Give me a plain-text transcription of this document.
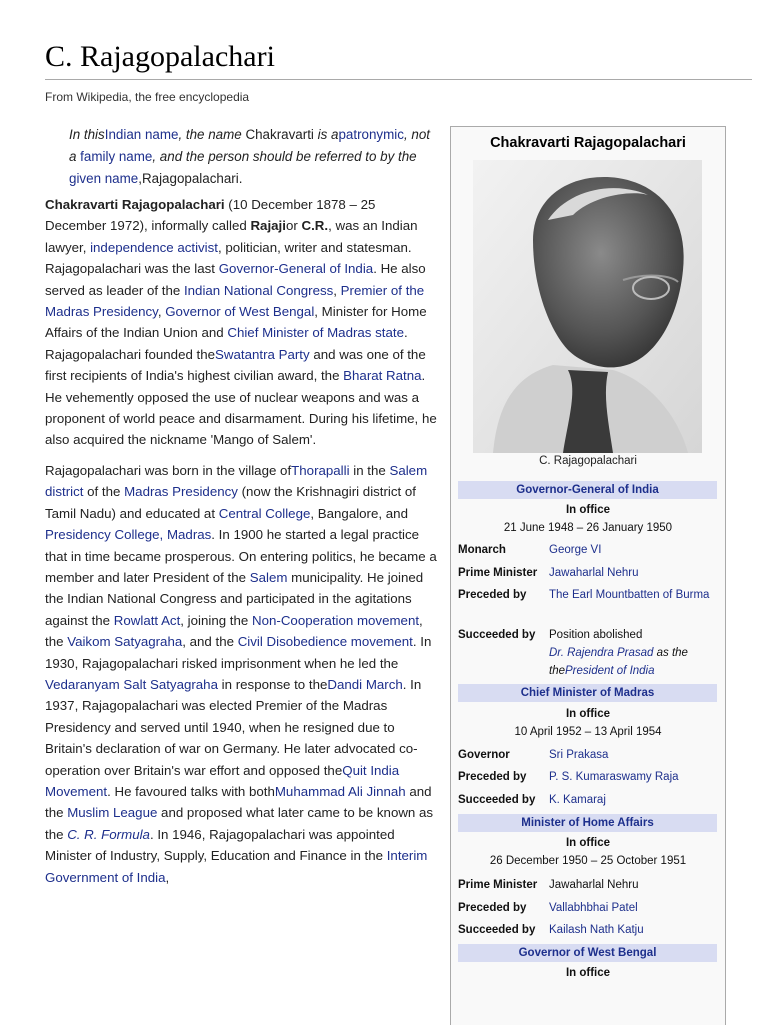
C. Rajagopalachari
From Wikipedia, the free encyclopedia
In thisIndian name, the name Chakravarti is apatronymic, not a family name, and the person should be referred to by the given name,Rajagopalachari.

Chakravarti Rajagopalachari (10 December 1878 – 25 December 1972), informally called Rajajior C.R., was an Indian lawyer, independence activist, politician, writer and statesman. Rajagopalachari was the last Governor-General of India. He also served as leader of the Indian National Congress, Premier of the Madras Presidency, Governor of West Bengal, Minister for Home Affairs of the Indian Union and Chief Minister of Madras state. Rajagopalachari founded theSwatantra Party and was one of the first recipients of India's highest civilian award, the Bharat Ratna. He vehemently opposed the use of nuclear weapons and was a proponent of world peace and disarmament. During his lifetime, he also acquired the nickname 'Mango of Salem'.

Rajagopalachari was born in the village ofThorapalli in the Salem district of the Madras Presidency (now the Krishnagiri district of Tamil Nadu) and educated at Central College, Bangalore, and Presidency College, Madras. In 1900 he started a legal practice that in time became prosperous. On entering politics, he became a member and later President of the Salem municipality. He joined the Indian National Congress and participated in the agitations against the Rowlatt Act, joining the Non-Cooperation movement, the Vaikom Satyagraha, and the Civil Disobedience movement. In 1930, Rajagopalachari risked imprisonment when he led the Vedaranyam Salt Satyagraha in response to theDandi March. In 1937, Rajagopalachari was elected Premier of the Madras Presidency and served until 1940, when he resigned due to Britain's declaration of war on Germany. He later advocated co-operation over Britain's war effort and opposed theQuit India Movement. He favoured talks with bothMuhammad Ali Jinnah and the Muslim League and proposed what later came to be known as the C. R. Formula. In 1946, Rajagopalachari was appointed Minister of Industry, Supply, Education and Finance in the Interim Government of India,

Chakravarti Rajagopalachari
C. Rajagopalachari
Governor-General of India
In office
21 June 1948 – 26 January 1950
Monarch	George VI
Prime Minister Jawaharlal Nehru
Preceded by The Earl Mountbatten of Burma
Succeeded by Position abolished
Dr. Rajendra Prasad as the
thePresident of India
Chief Minister of Madras
In office
10 April 1952 – 13 April 1954
Governor	Sri Prakasa
Preceded by P. S. Kumaraswamy Raja
Succeeded by K. Kamaraj
Minister of Home Affairs
In office
26 December 1950 – 25 October 1951
Prime Minister Jawaharlal Nehru
Preceded by Vallabhbhai Patel
Succeeded by Kailash Nath Katju
Governor of West Bengal
In office
